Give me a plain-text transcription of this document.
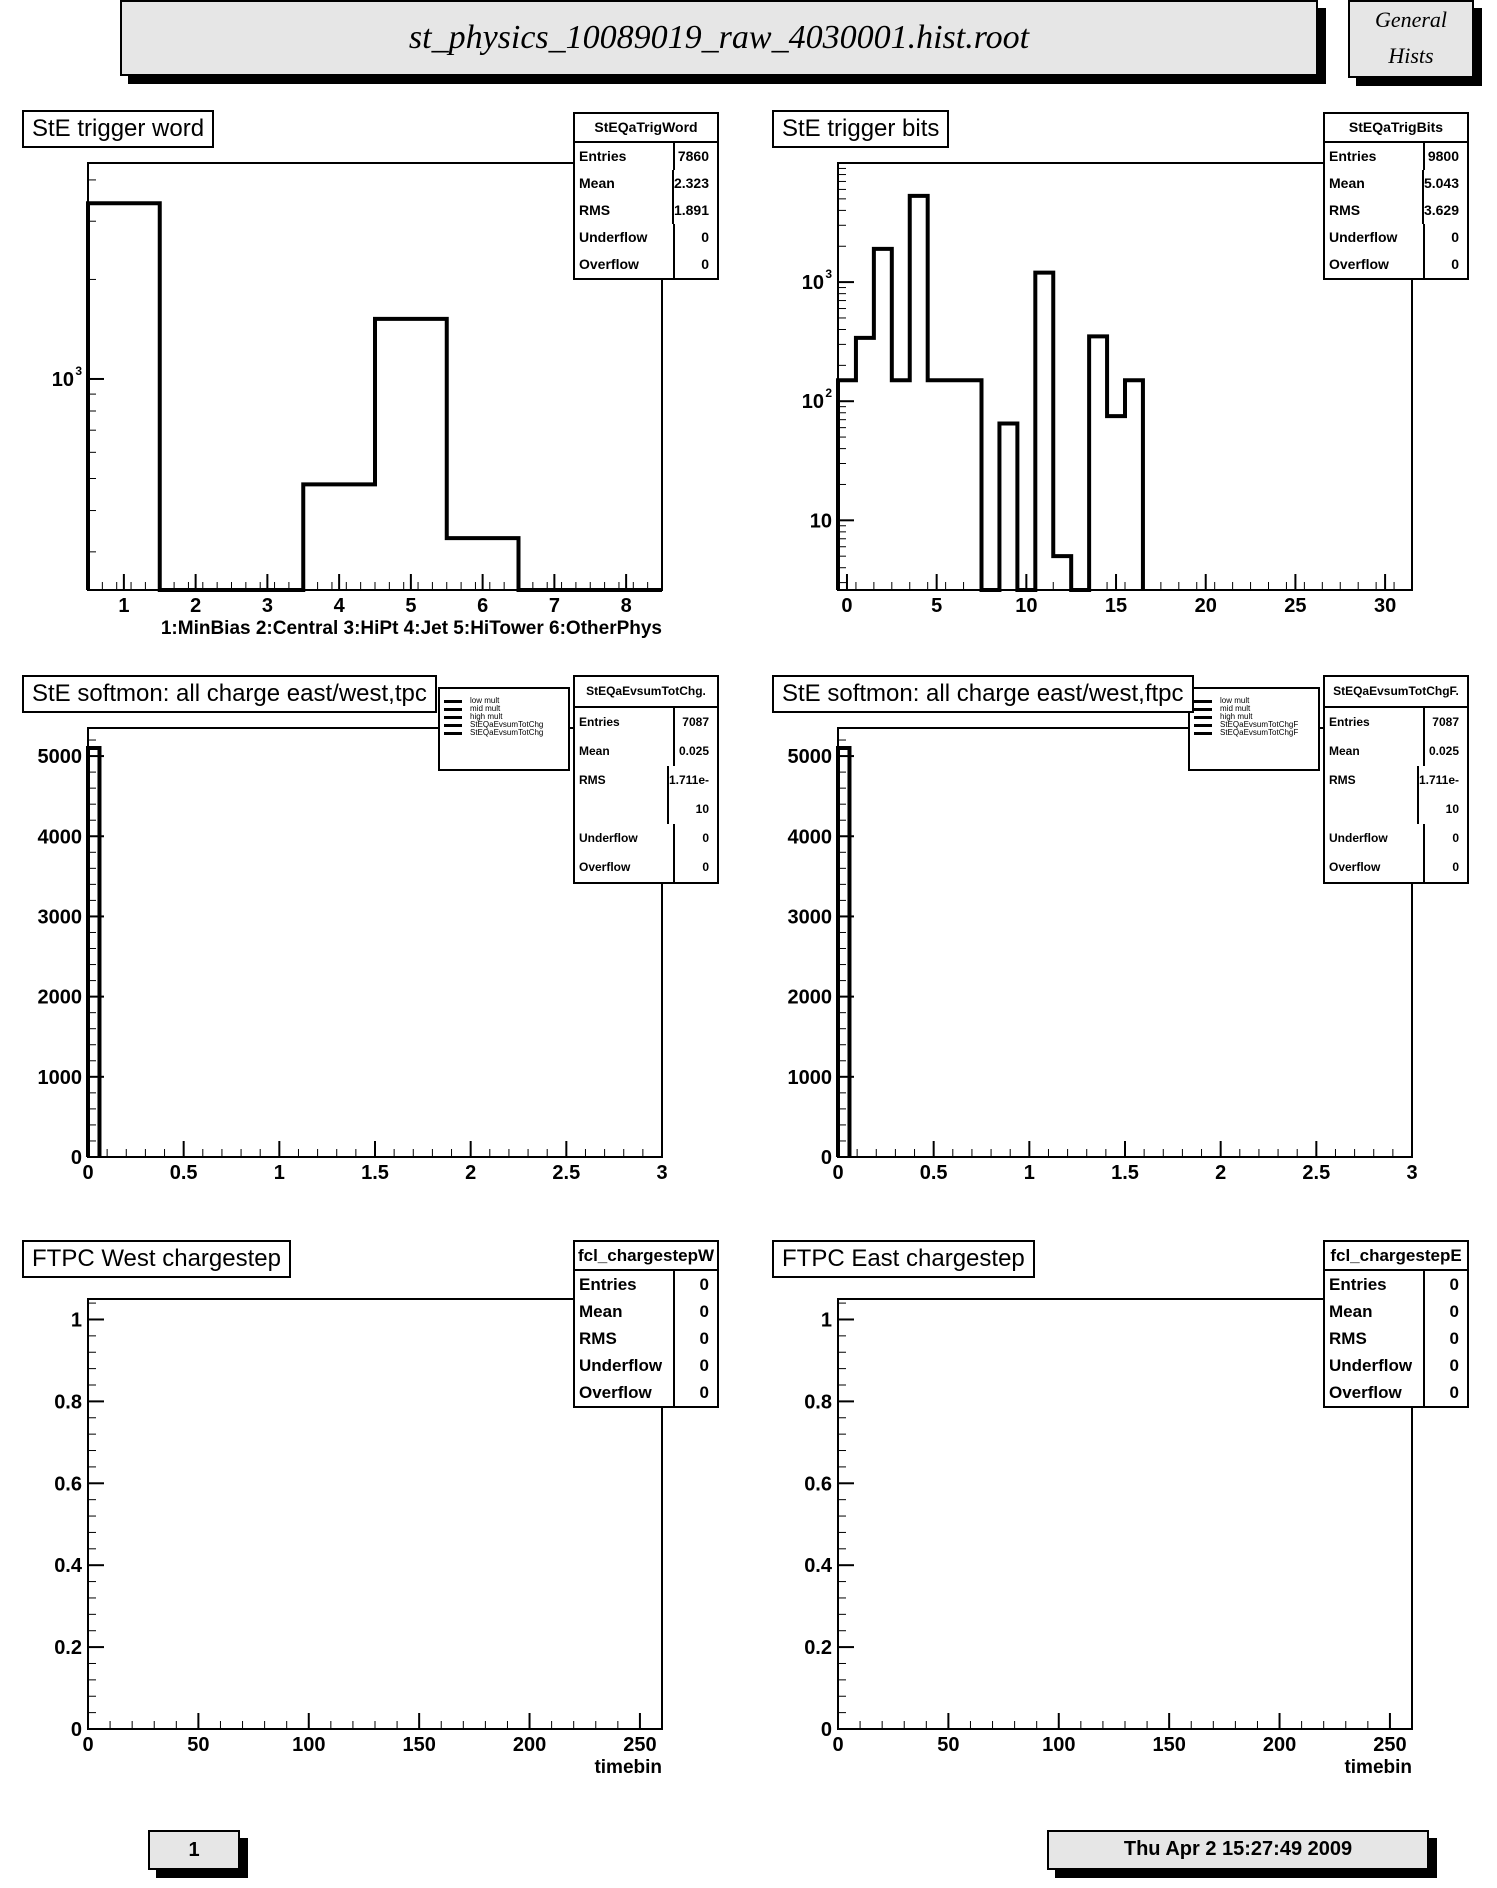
st_physics_10089019_raw_4030001.hist.root	General
Hists
1	2	3	4	5	6	7	8
10 3
1:MinBias 2:Central 3:HiPt 4:Jet 5:HiTower 6:OtherPhys
StE trigger word	StEQaTrigWord
Entries	7860
Mean	2.323
RMS	1.891
Underflow	0
Overflow	0
0	5	10	15	20	25	30
10
10 2
10 3
StE trigger bits	StEQaTrigBits
Entries	9800
Mean	5.043
RMS	3.629
Underflow	0
Overflow	0
0	0.5	1	1.5	2	2.5	3
0
1000
2000
3000
4000
5000
low mult
mid mult
high mult
StEQaEvsumTotChg
StEQaEvsumTotChg
StE softmon: all charge east/west,tpc	StEQaEvsumTotChg.
Entries	7087
Mean	0.025
RMS	1.711e-10
Underflow	0
Overflow	0
0	0.5	1	1.5	2	2.5	3
0
1000
2000
3000
4000
5000
low mult
mid mult
high mult
StEQaEvsumTotChgF
StEQaEvsumTotChgF
StE softmon: all charge east/west,ftpc	StEQaEvsumTotChgF.
Entries	7087
Mean	0.025
RMS	1.711e-10
Underflow	0
Overflow	0
0	50	100	150	200	250
0
0.2
0.4
0.6
0.8
1
timebin
FTPC West chargestep	fcl_chargestepW
Entries	0
Mean	0
RMS	0
Underflow	0
Overflow	0
0	50	100	150	200	250
0
0.2
0.4
0.6
0.8
1
timebin
FTPC East chargestep	fcl_chargestepE
Entries	0
Mean	0
RMS	0
Underflow	0
Overflow	0
1	Thu Apr 2 15:27:49 2009
